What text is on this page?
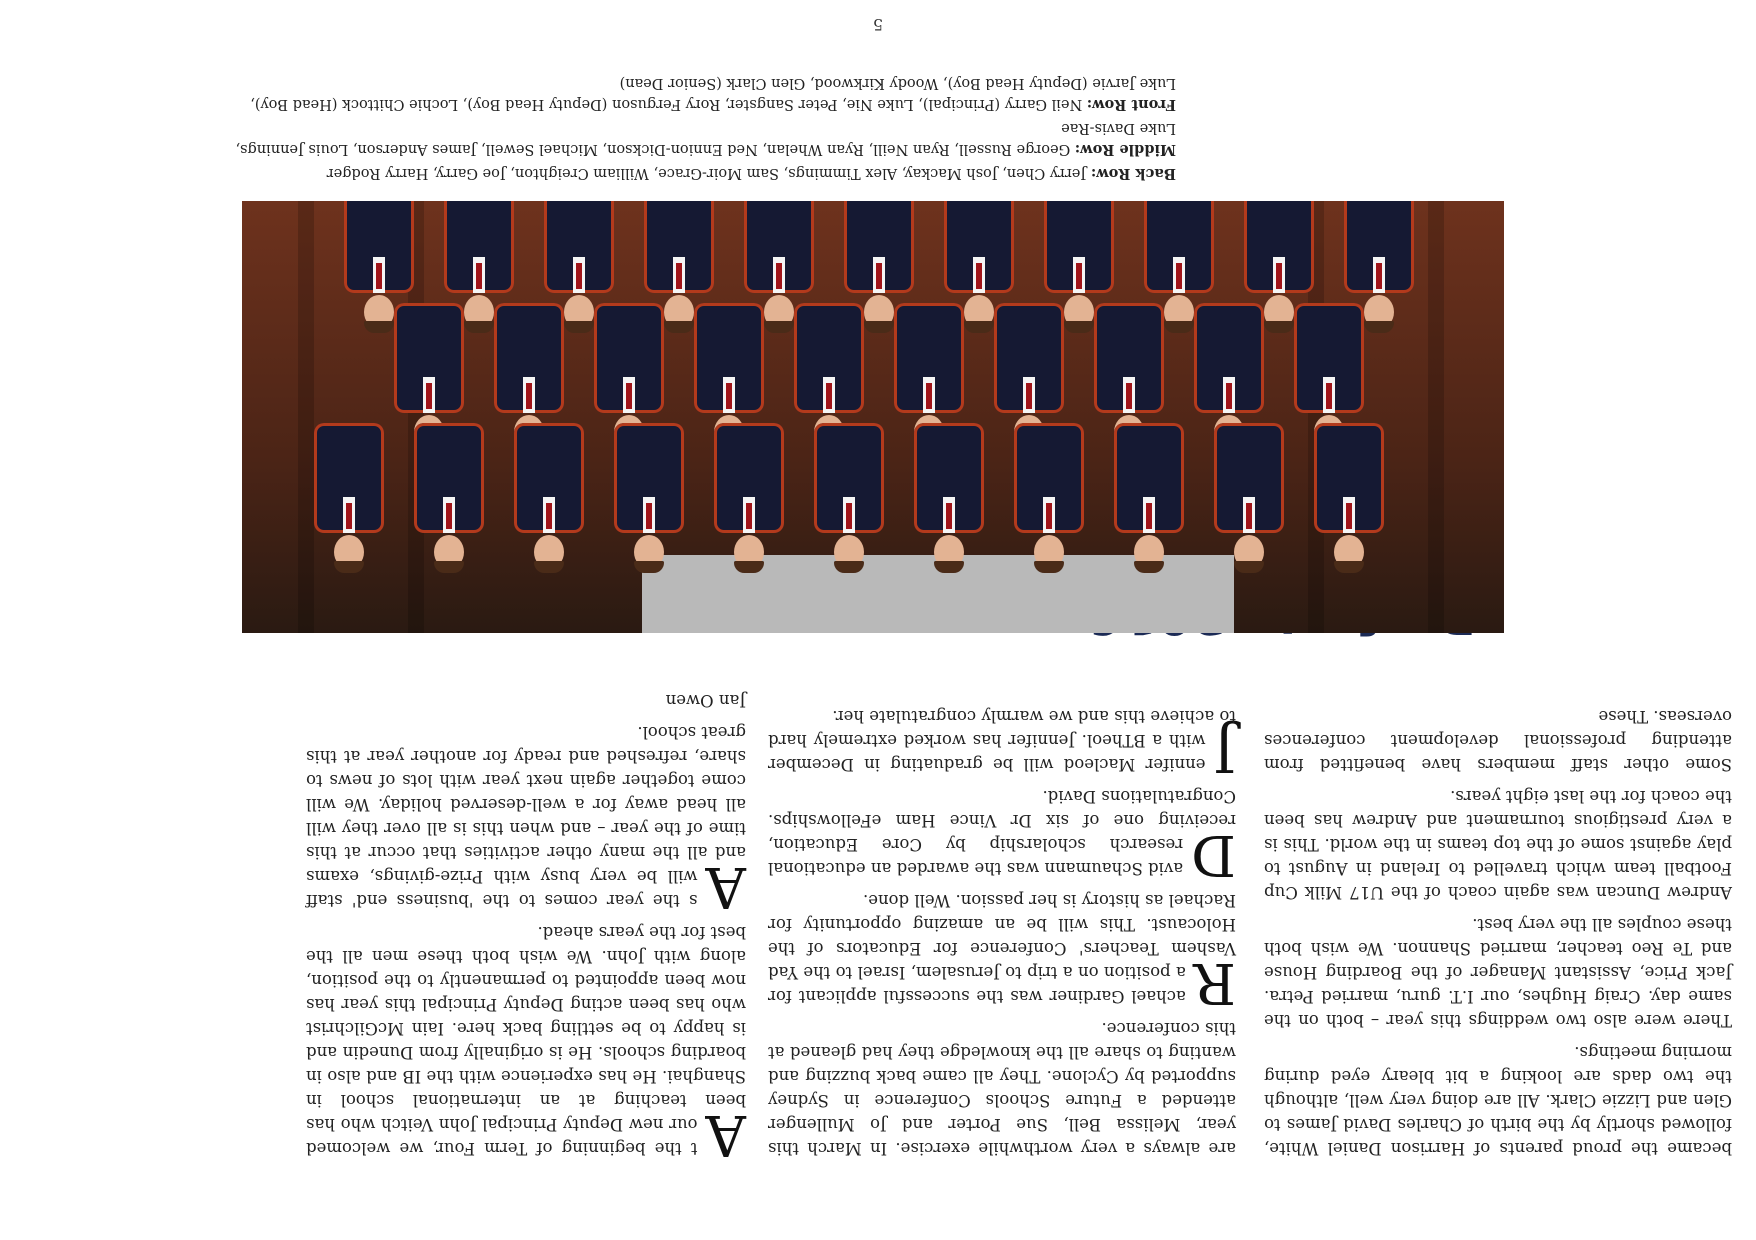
became the proud parents of Harrison Daniel White, followed shortly by the birth of Charles David James to Glen and Lizzie Clark. All are doing very well, although the two dads are looking a bit bleary eyed during morning meetings.

There were also two weddings this year – both on the same day. Craig Hughes, our I.T. guru, married Petra. Jack Price, Assistant Manager of the Boarding House and Te Reo teacher, married Shannon. We wish both these couples all the very best.

Andrew Duncan was again coach of the U17 Milk Cup Football team which travelled to Ireland in August to play against some of the top teams in the world. This is a very prestigious tournament and Andrew has been the coach for the last eight years.

Some other staff members have benefitted from attending professional development conferences overseas. These

are always a very worthwhile exercise. In March this year, Melissa Bell, Sue Porter and Jo Mullenger attended a Future Schools Conference in Sydney supported by Cyclone. They all came back buzzing and wanting to share all the knowledge they had gleaned at this conference.

R
achael Gardiner was the successful applicant for a position on a trip to Jerusalem, Israel to the Yad Vashem Teachers' Conference for Educators of the Holocaust. This will be an amazing opportunity for Rachael as history is her passion. Well done.

D
avid Schaumann was the awarded an educational research scholarship by Core Education, receiving one of six Dr Vince Ham eFellowships. Congratulations David.

J
ennifer Macleod will be graduating in December with a BTheol. Jennifer has worked extremely hard to achieve this and we warmly congratulate her.

A
t the beginning of Term Four, we welcomed our new Deputy Principal John Veitch who has been teaching at an international school in Shanghai. He has experience with the IB and also in boarding schools. He is originally from Dunedin and is happy to be settling back here. Iain McGilchrist who has been acting Deputy Principal this year has now been appointed to permanently to the position, along with John. We wish both these men all the best for the years ahead.

A
s the year comes to the 'business end' staff will be very busy with Prize-givings, exams and all the many other activities that occur at this time of the year – and when this is all over they will all head away for a well-deserved holiday. We will come together again next year with lots of news to share, refreshed and ready for another year at this great school.

Jan Owen

Back Row: Jerry Chen, Josh Mackay, Alex Timmings, Sam Moir-Grace, William Creighton, Joe Garry, Harry Rodger

Middle Row: George Russell, Ryan Neill, Ryan Whelan, Ned Ennion-Dickson, Michael Sewell, James Anderson, Louis Jennings, Luke Davis-Rae

Front Row: Neil Garry (Principal), Luke Nie, Peter Sangster, Rory Ferguson (Deputy Head Boy), Lochie Chittock (Head Boy), Luke Jarvie (Deputy Head Boy), Woody Kirkwood, Glen Clark (Senior Dean)

5
